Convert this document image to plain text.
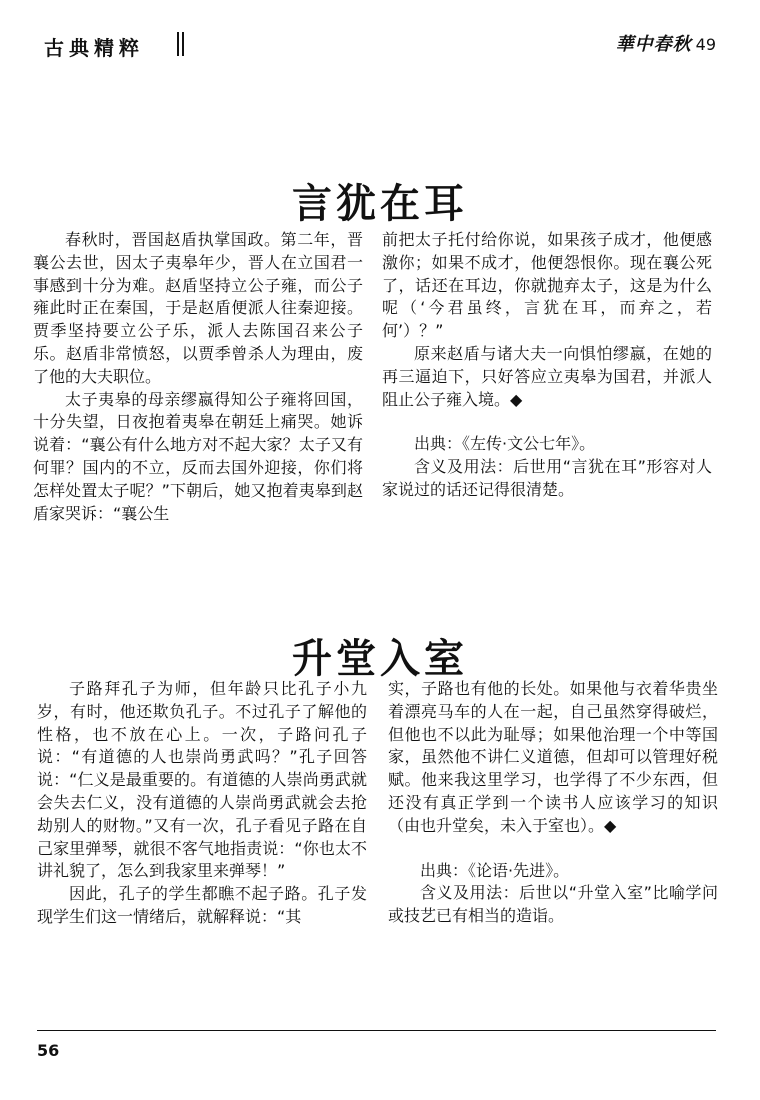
古典精粹	華中春秋 49
言犹在耳

春秋时，晋国赵盾执掌国政。第二年，晋襄公去世，因太子夷皋年少，晋人在立国君一事感到十分为难。赵盾坚持立公子雍，而公子雍此时正在秦国，于是赵盾便派人往秦迎接。贾季坚持要立公子乐，派人去陈国召来公子乐。赵盾非常愤怒，以贾季曾杀人为理由，废了他的大夫职位。

太子夷皋的母亲缪嬴得知公子雍将回国，十分失望，日夜抱着夷皋在朝廷上痛哭。她诉说着：“襄公有什么地方对不起大家？太子又有何罪？国内的不立，反而去国外迎接，你们将怎样处置太子呢？”下朝后，她又抱着夷皋到赵盾家哭诉：“襄公生

前把太子托付给你说，如果孩子成才，他便感激你；如果不成才，他便怨恨你。现在襄公死了，话还在耳边，你就抛弃太子，这是为什么呢（‘今君虽终，言犹在耳，而弃之，若何’）？”

原来赵盾与诸大夫一向惧怕缪嬴，在她的再三逼迫下，只好答应立夷皋为国君，并派人阻止公子雍入境。◆

出典：《左传·文公七年》。

含义及用法：后世用“言犹在耳”形容对人家说过的话还记得很清楚。

升堂入室

子路拜孔子为师，但年龄只比孔子小九岁，有时，他还欺负孔子。不过孔子了解他的性格，也不放在心上。一次，子路问孔子说：“有道德的人也崇尚勇武吗？”孔子回答说：“仁义是最重要的。有道德的人崇尚勇武就会失去仁义，没有道德的人崇尚勇武就会去抢劫别人的财物。”又有一次，孔子看见子路在自己家里弹琴，就很不客气地指责说：“你也太不讲礼貌了，怎么到我家里来弹琴！”

因此，孔子的学生都瞧不起子路。孔子发现学生们这一情绪后，就解释说：“其

实，子路也有他的长处。如果他与衣着华贵坐着漂亮马车的人在一起，自己虽然穿得破烂，但他也不以此为耻辱；如果他治理一个中等国家，虽然他不讲仁义道德，但却可以管理好税赋。他来我这里学习，也学得了不少东西，但还没有真正学到一个读书人应该学习的知识（由也升堂矣，未入于室也）。◆

出典：《论语·先进》。

含义及用法：后世以“升堂入室”比喻学问或技艺已有相当的造诣。

56
